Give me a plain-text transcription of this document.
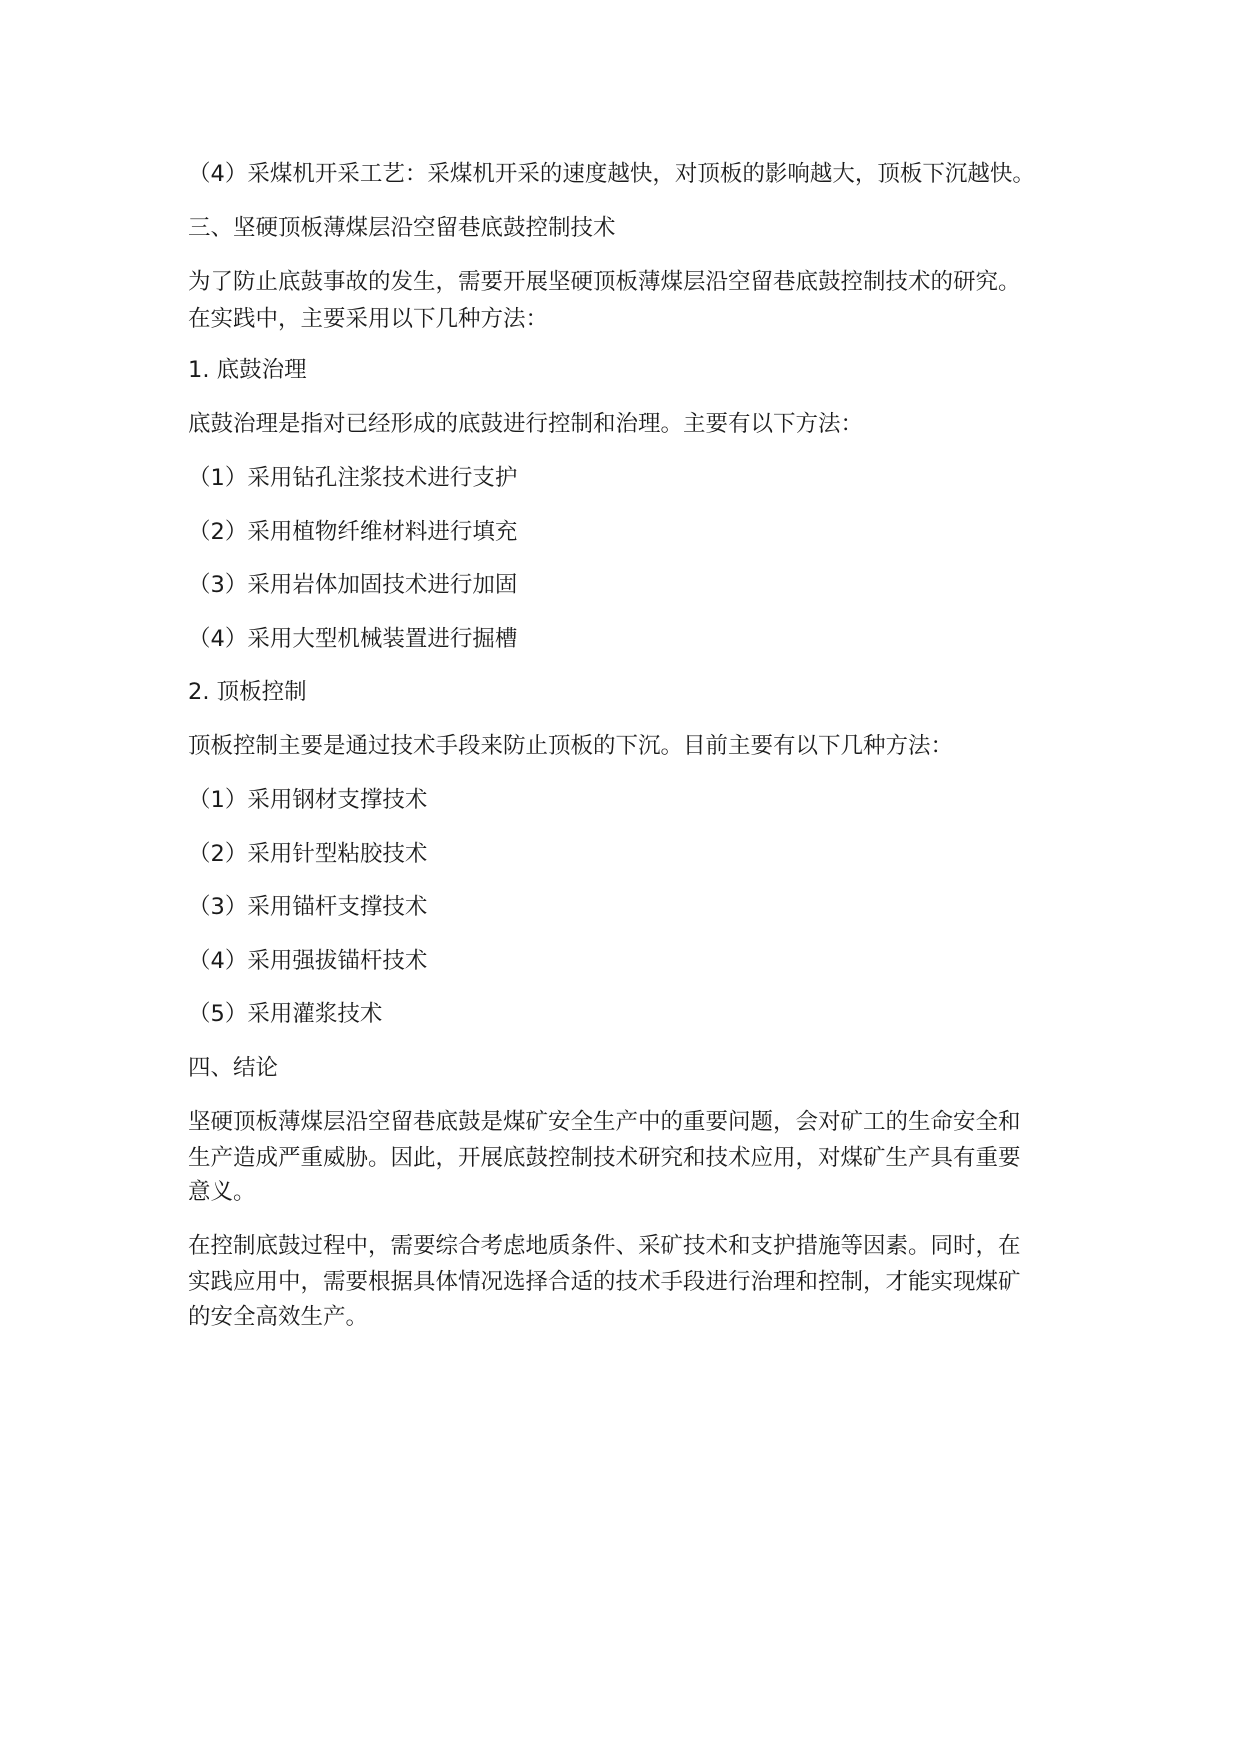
（4）采煤机开采工艺：采煤机开采的速度越快，对顶板的影响越大，顶板下沉越快。
三、坚硬顶板薄煤层沿空留巷底鼓控制技术
为了防止底鼓事故的发生，需要开展坚硬顶板薄煤层沿空留巷底鼓控制技术的研究。
在实践中，主要采用以下几种方法：
1. 底鼓治理
底鼓治理是指对已经形成的底鼓进行控制和治理。主要有以下方法：
（1）采用钻孔注浆技术进行支护
（2）采用植物纤维材料进行填充
（3）采用岩体加固技术进行加固
（4）采用大型机械装置进行掘槽
2. 顶板控制
顶板控制主要是通过技术手段来防止顶板的下沉。目前主要有以下几种方法：
（1）采用钢材支撑技术
（2）采用针型粘胶技术
（3）采用锚杆支撑技术
（4）采用强拔锚杆技术
（5）采用灌浆技术
四、结论
坚硬顶板薄煤层沿空留巷底鼓是煤矿安全生产中的重要问题，会对矿工的生命安全和
生产造成严重威胁。因此，开展底鼓控制技术研究和技术应用，对煤矿生产具有重要
意义。
在控制底鼓过程中，需要综合考虑地质条件、采矿技术和支护措施等因素。同时，在
实践应用中，需要根据具体情况选择合适的技术手段进行治理和控制，才能实现煤矿
的安全高效生产。
